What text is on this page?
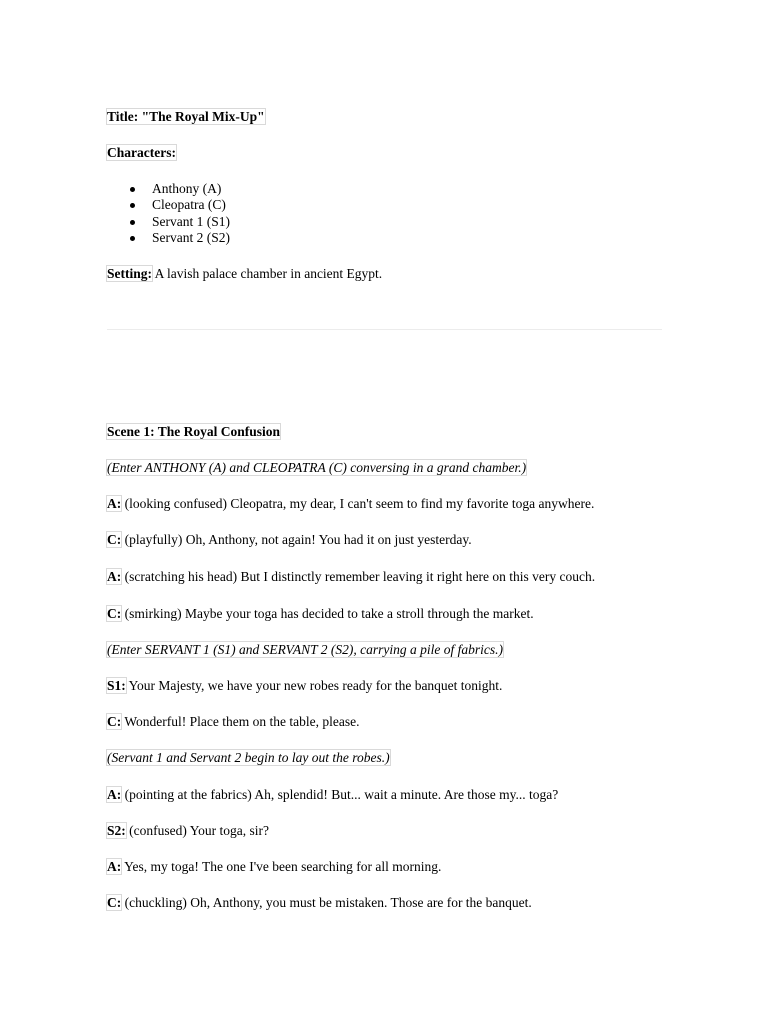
Title: "The Royal Mix-Up"
Characters:
Anthony (A)
Cleopatra (C)
Servant 1 (S1)
Servant 2 (S2)
Setting: A lavish palace chamber in ancient Egypt.
Scene 1: The Royal Confusion
(Enter ANTHONY (A) and CLEOPATRA (C) conversing in a grand chamber.)
A: (looking confused) Cleopatra, my dear, I can't seem to find my favorite toga anywhere.
C: (playfully) Oh, Anthony, not again! You had it on just yesterday.
A: (scratching his head) But I distinctly remember leaving it right here on this very couch.
C: (smirking) Maybe your toga has decided to take a stroll through the market.
(Enter SERVANT 1 (S1) and SERVANT 2 (S2), carrying a pile of fabrics.)
S1: Your Majesty, we have your new robes ready for the banquet tonight.
C: Wonderful! Place them on the table, please.
(Servant 1 and Servant 2 begin to lay out the robes.)
A: (pointing at the fabrics) Ah, splendid! But... wait a minute. Are those my... toga?
S2: (confused) Your toga, sir?
A: Yes, my toga! The one I've been searching for all morning.
C: (chuckling) Oh, Anthony, you must be mistaken. Those are for the banquet.
